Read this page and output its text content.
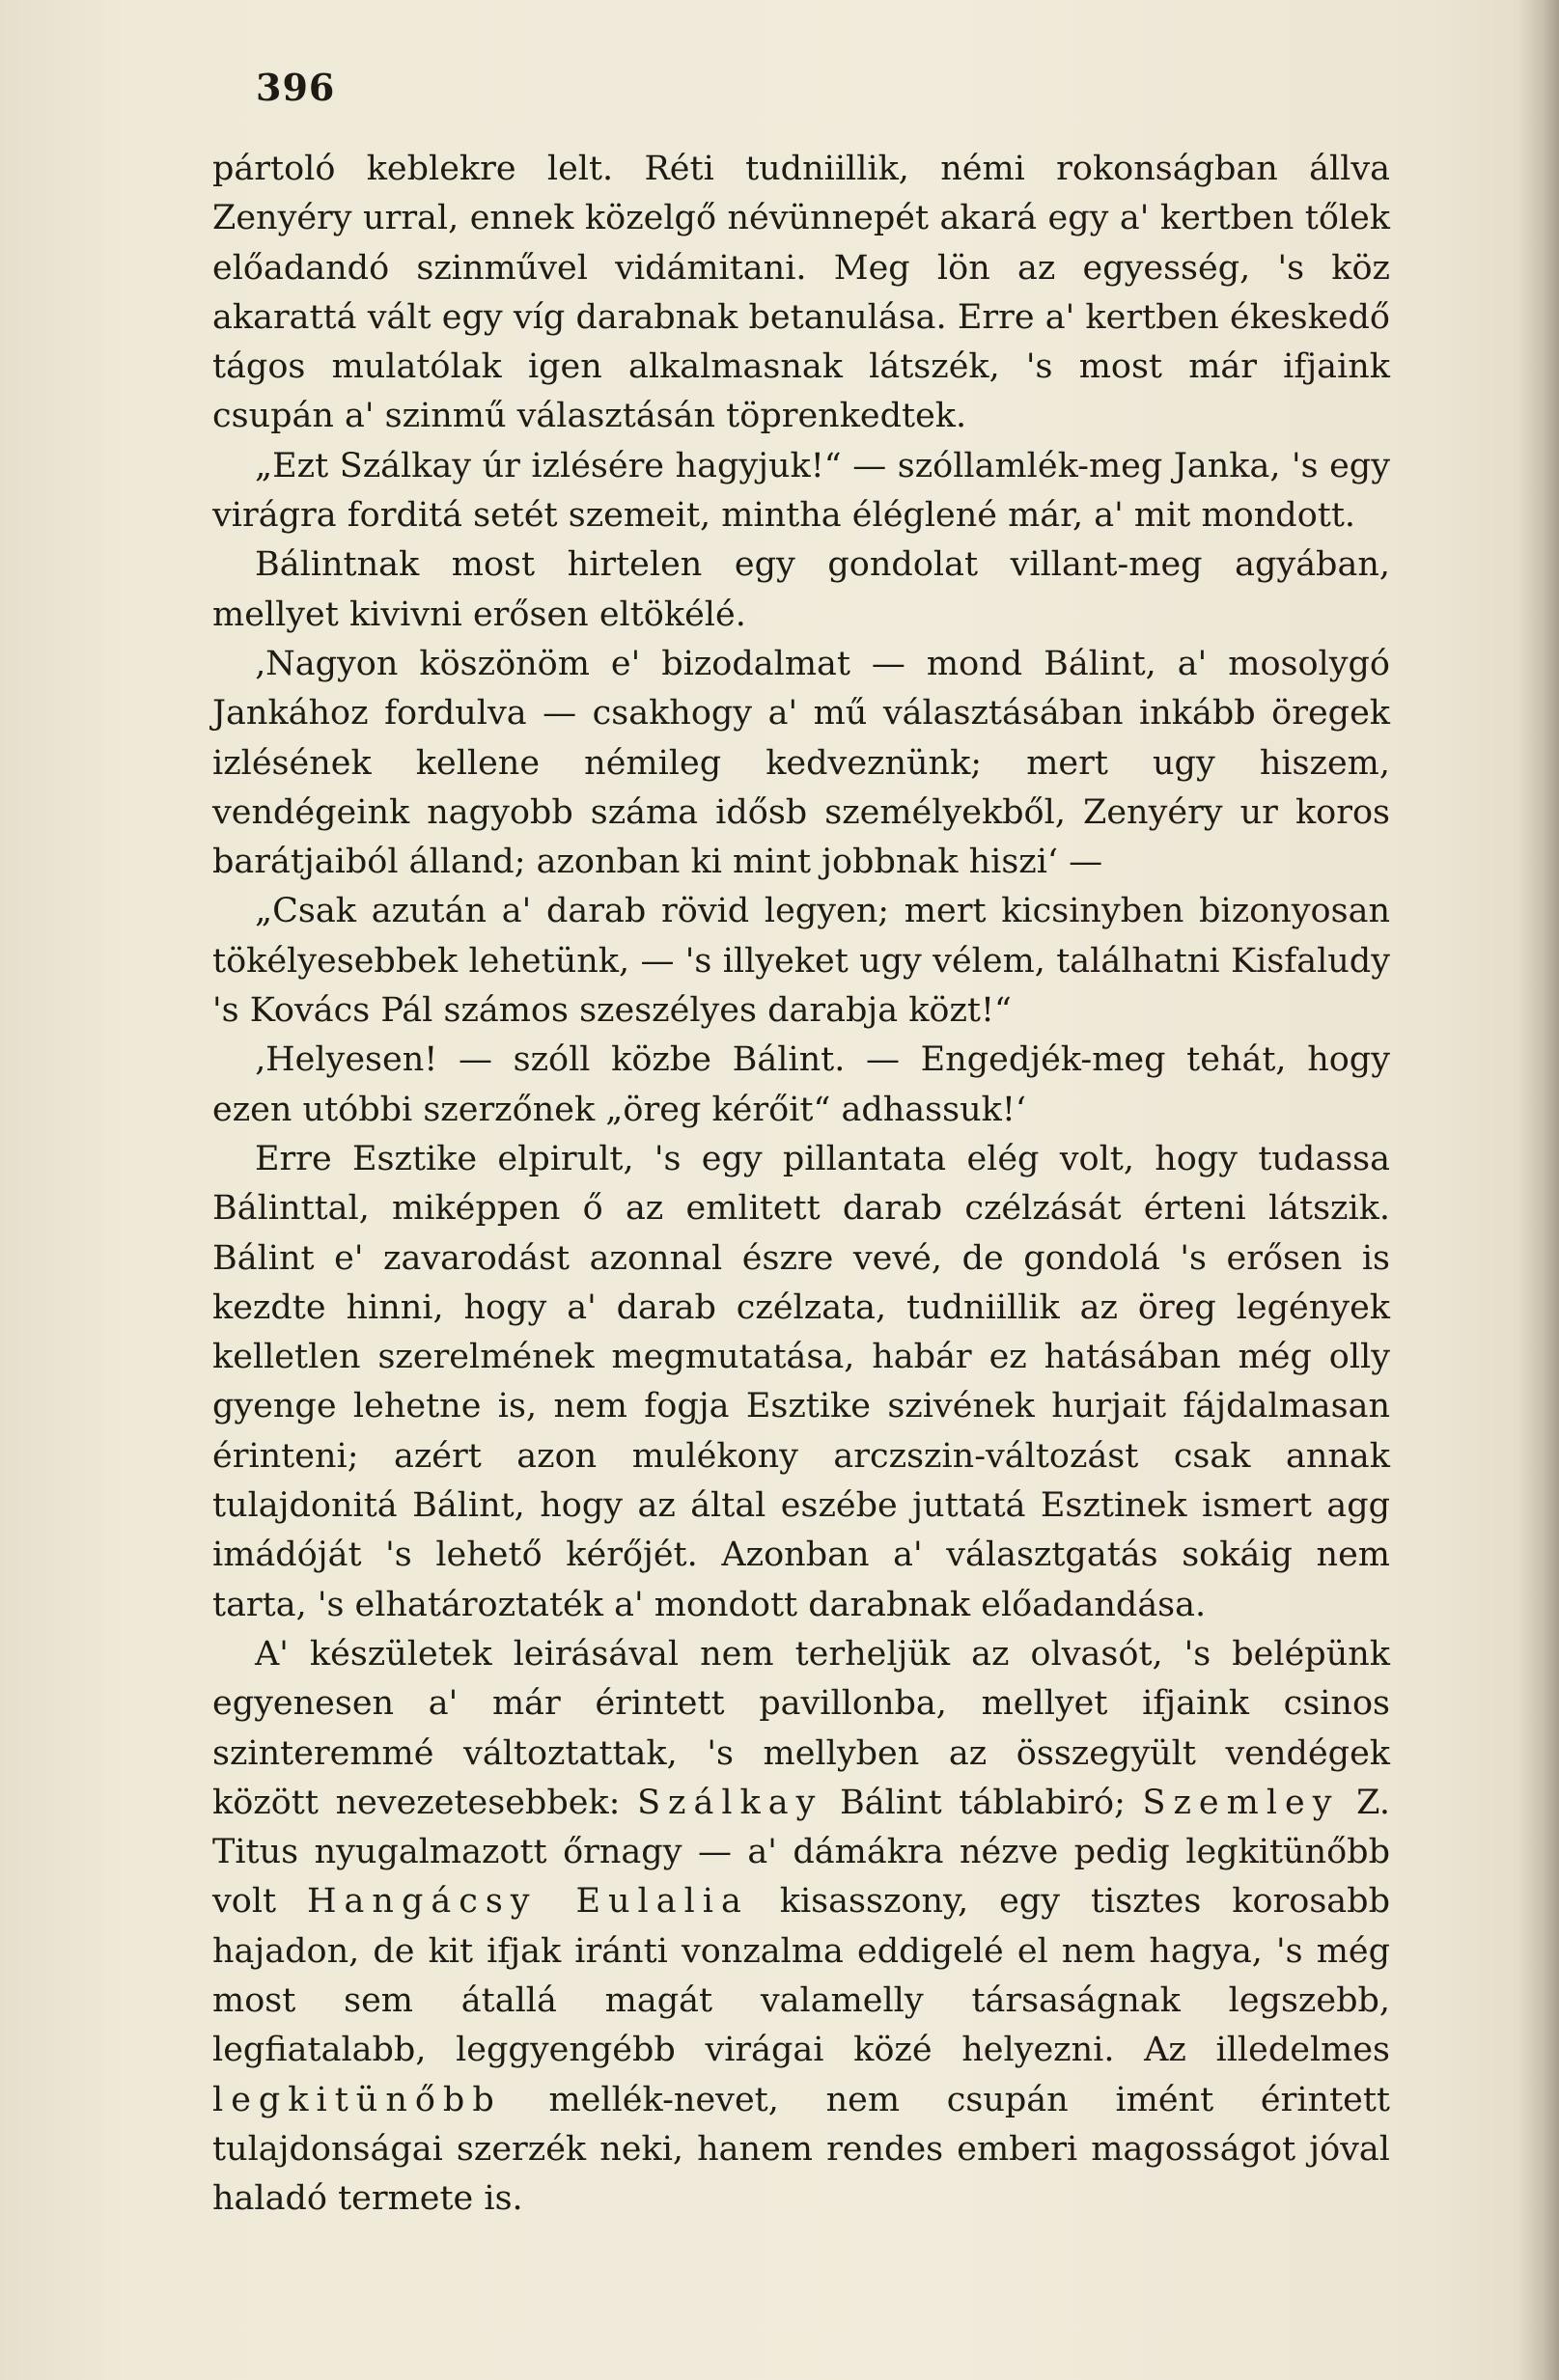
396

pártoló keblekre lelt. Réti tudniillik, némi rokonságban állva Zenyéry urral, ennek közelgő névünnepét akará egy a' kertben tőlek előadandó szinművel vidámitani. Meg lön az egyesség, 's köz akarattá vált egy víg darabnak betanulása. Erre a' kertben ékeskedő tágos mulatólak igen alkalmasnak látszék, 's most már ifjaink csupán a' szinmű választásán töprenkedtek.

„Ezt Szálkay úr izlésére hagyjuk!“ — szóllamlék-meg Janka, 's egy virágra forditá setét szemeit, mintha éléglené már, a' mit mondott.

Bálintnak most hirtelen egy gondolat villant-meg agyában, mellyet kivivni erősen eltökélé.

‚Nagyon köszönöm e' bizodalmat — mond Bálint, a' mosolygó Jankához fordulva — csakhogy a' mű választásában inkább öregek izlésének kellene némileg kedveznünk; mert ugy hiszem, vendégeink nagyobb száma idősb személyekből, Zenyéry ur koros barátjaiból álland; azonban ki mint jobbnak hiszi‘ —

„Csak azután a' darab rövid legyen; mert kicsinyben bizonyosan tökélyesebbek lehetünk, — 's illyeket ugy vélem, találhatni Kisfaludy 's Kovács Pál számos szeszélyes darabja közt!“

‚Helyesen! — szóll közbe Bálint. — Engedjék-meg tehát, hogy ezen utóbbi szerzőnek „öreg kérőit“ adhassuk!‘

Erre Esztike elpirult, 's egy pillantata elég volt, hogy tudassa Bálinttal, miképpen ő az emlitett darab czélzását érteni látszik. Bálint e' zavarodást azonnal észre vevé, de gondolá 's erősen is kezdte hinni, hogy a' darab czélzata, tudniillik az öreg legények kelletlen szerelmének megmutatása, habár ez hatásában még olly gyenge lehetne is, nem fogja Esztike szivének hurjait fájdalmasan érinteni; azért azon mulékony arczszin-változást csak annak tulajdonitá Bálint, hogy az által eszébe juttatá Esztinek ismert agg imádóját 's lehető kérőjét. Azonban a' választgatás sokáig nem tarta, 's elhatároztaték a' mondott darabnak előadandása.

A' készületek leirásával nem terheljük az olvasót, 's belépünk egyenesen a' már érintett pavillonba, mellyet ifjaink csinos szinteremmé változtattak, 's mellyben az összegyült vendégek között nevezetesebbek: Szálkay Bálint táblabiró; Szemley Z. Titus nyugalmazott őrnagy — a' dámákra nézve pedig legkitünőbb volt Hangácsy Eulalia kisasszony, egy tisztes korosabb hajadon, de kit ifjak iránti vonzalma eddigelé el nem hagya, 's még most sem átallá magát valamelly társaságnak legszebb, legfiatalabb, leggyengébb virágai közé helyezni. Az illedelmes legkitünőbb mellék-nevet, nem csupán imént érintett tulajdonságai szerzék neki, hanem rendes emberi magosságot jóval haladó termete is.
